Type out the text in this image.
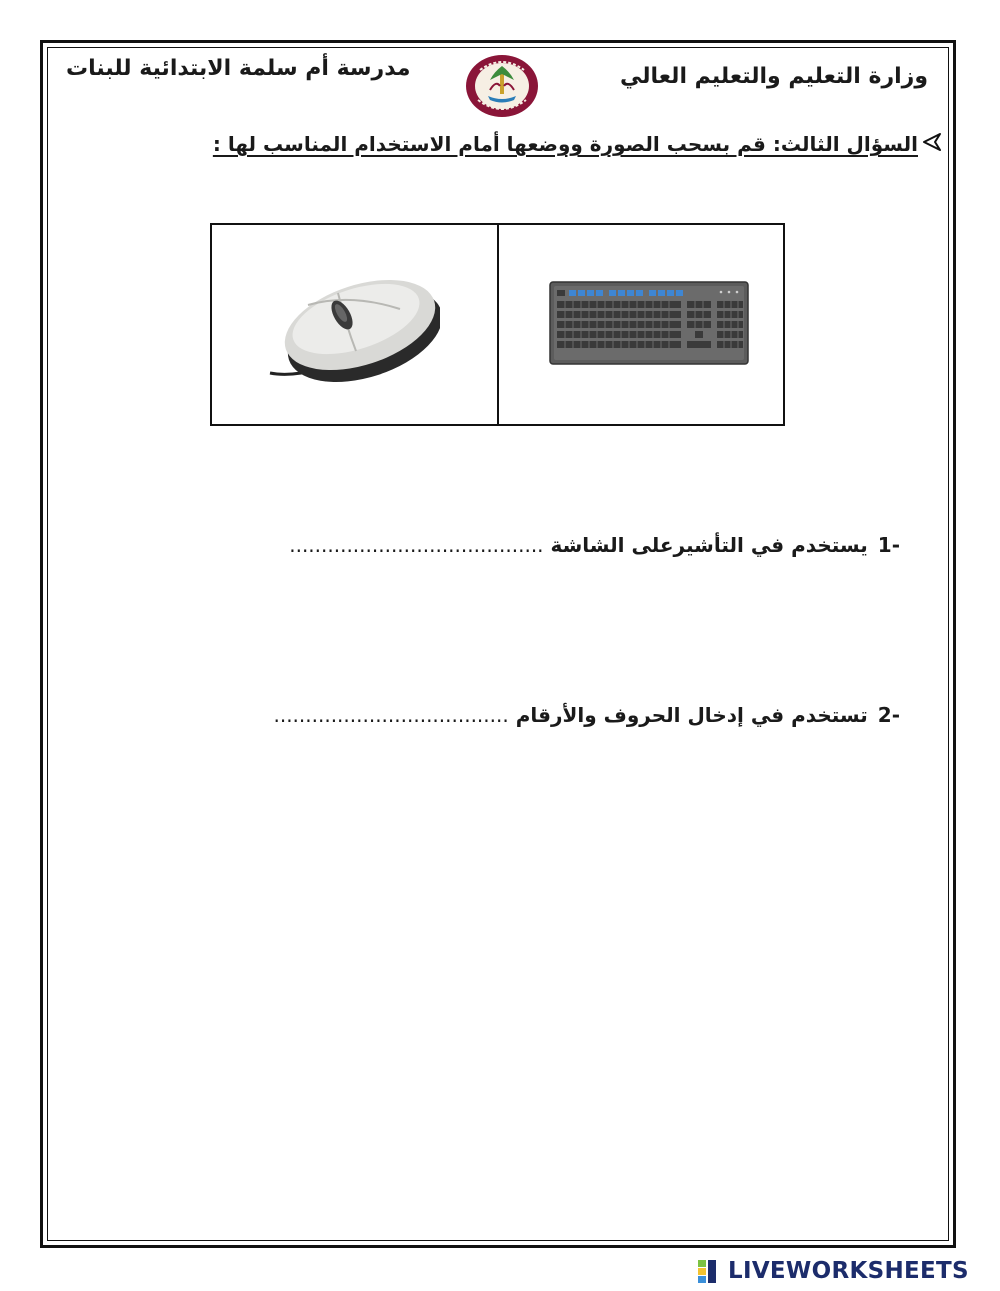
وزارة التعليم والتعليم العالي
مدرسة أم سلمة الابتدائية للبنات
السؤال الثالث: قم بسحب الصورة ووضعها أمام الاستخدام المناسب لها :
-1يستخدم في التأشيرعلى الشاشة ........................................
-2تستخدم في إدخال الحروف والأرقام .....................................
LIVEWORKSHEETS
